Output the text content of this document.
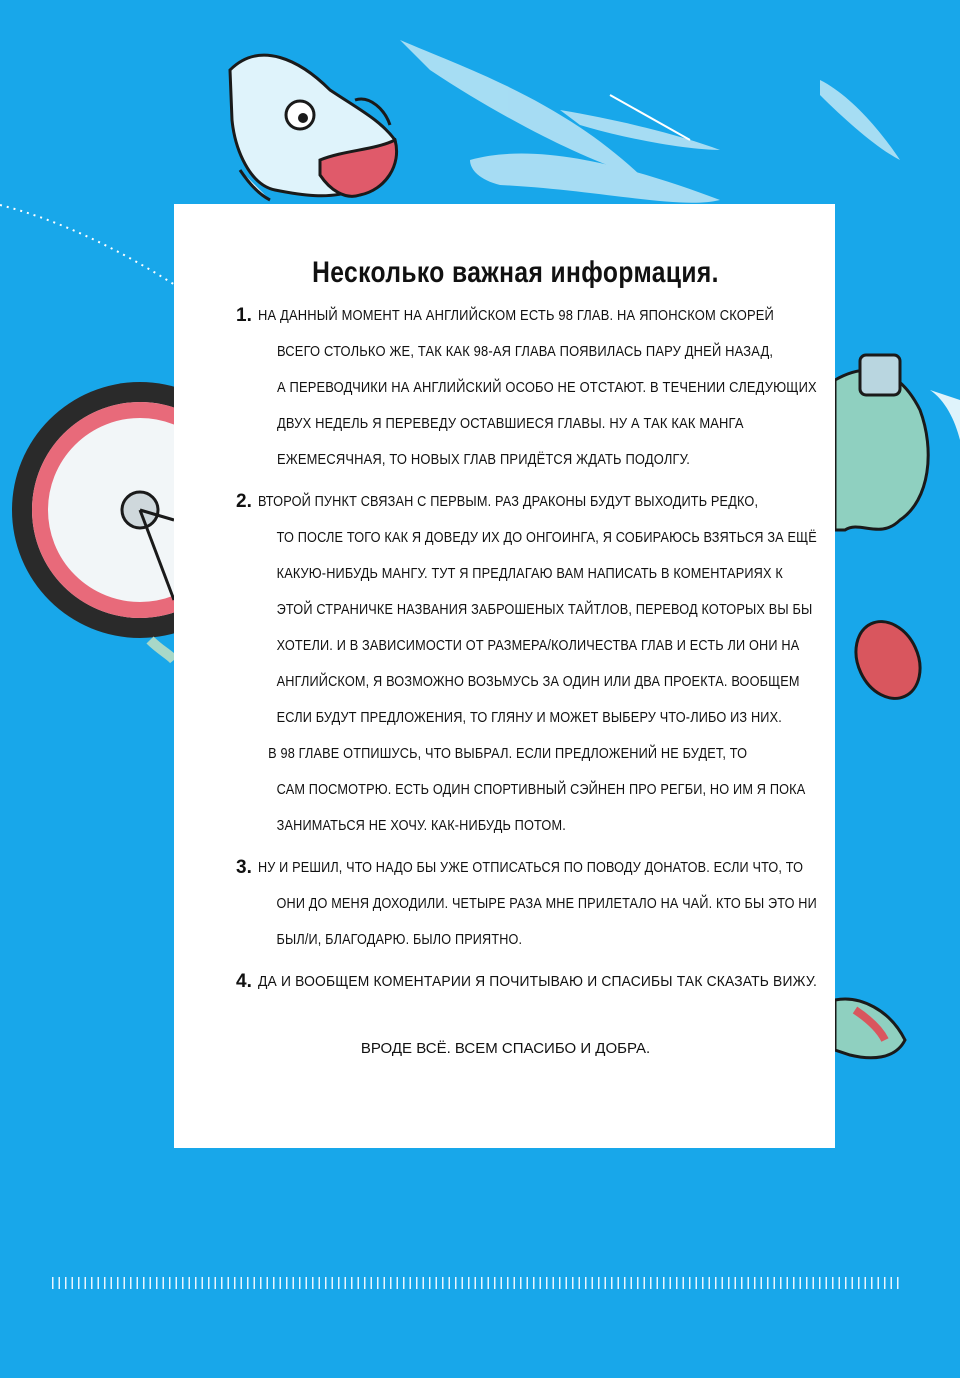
Несколько важная информация.
1. НА ДАННЫЙ МОМЕНТ НА АНГЛИЙСКОМ ЕСТЬ 98 ГЛАВ. НА ЯПОНСКОМ СКОРЕЙ
ВСЕГО СТОЛЬКО ЖЕ, ТАК КАК 98-АЯ ГЛАВА ПОЯВИЛАСЬ ПАРУ ДНЕЙ НАЗАД,
А ПЕРЕВОДЧИКИ НА АНГЛИЙСКИЙ ОСОБО НЕ ОТСТАЮТ. В ТЕЧЕНИИ СЛЕДУЮЩИХ
ДВУХ НЕДЕЛЬ Я ПЕРЕВЕДУ ОСТАВШИЕСЯ ГЛАВЫ. НУ А ТАК КАК МАНГА
ЕЖЕМЕСЯЧНАЯ, ТО НОВЫХ ГЛАВ ПРИДЁТСЯ ЖДАТЬ ПОДОЛГУ.
2. ВТОРОЙ ПУНКТ СВЯЗАН С ПЕРВЫМ. РАЗ ДРАКОНЫ БУДУТ ВЫХОДИТЬ РЕДКО,
ТО ПОСЛЕ ТОГО КАК Я ДОВЕДУ ИХ ДО ОНГОИНГА, Я СОБИРАЮСЬ ВЗЯТЬСЯ ЗА ЕЩЁ
КАКУЮ-НИБУДЬ МАНГУ. ТУТ Я ПРЕДЛАГАЮ ВАМ НАПИСАТЬ В КОМЕНТАРИЯХ К
ЭТОЙ СТРАНИЧКЕ НАЗВАНИЯ ЗАБРОШЕНЫХ ТАЙТЛОВ, ПЕРЕВОД КОТОРЫХ ВЫ БЫ
ХОТЕЛИ. И В ЗАВИСИМОСТИ ОТ РАЗМЕРА/КОЛИЧЕСТВА ГЛАВ И ЕСТЬ ЛИ ОНИ НА
АНГЛИЙСКОМ, Я ВОЗМОЖНО ВОЗЬМУСЬ ЗА ОДИН ИЛИ ДВА ПРОЕКТА. ВООБЩЕМ
ЕСЛИ БУДУТ ПРЕДЛОЖЕНИЯ, ТО ГЛЯНУ И МОЖЕТ ВЫБЕРУ ЧТО-ЛИБО ИЗ НИХ.
В 98 ГЛАВЕ ОТПИШУСЬ, ЧТО ВЫБРАЛ. ЕСЛИ ПРЕДЛОЖЕНИЙ НЕ БУДЕТ, ТО
САМ ПОСМОТРЮ. ЕСТЬ ОДИН СПОРТИВНЫЙ СЭЙНЕН ПРО РЕГБИ, НО ИМ Я ПОКА
ЗАНИМАТЬСЯ НЕ ХОЧУ. КАК-НИБУДЬ ПОТОМ.
3. НУ И РЕШИЛ, ЧТО НАДО БЫ УЖЕ ОТПИСАТЬСЯ ПО ПОВОДУ ДОНАТОВ. ЕСЛИ ЧТО, ТО
ОНИ ДО МЕНЯ ДОХОДИЛИ. ЧЕТЫРЕ РАЗА МНЕ ПРИЛЕТАЛО НА ЧАЙ. КТО БЫ ЭТО НИ
БЫЛ/И, БЛАГОДАРЮ. БЫЛО ПРИЯТНО.
4. ДА И ВООБЩЕМ КОМЕНТАРИИ Я ПОЧИТЫВАЮ И СПАСИБЫ ТАК СКАЗАТЬ ВИЖУ.
ВРОДЕ ВСЁ. ВСЕМ СПАСИБО И ДОБРА.
